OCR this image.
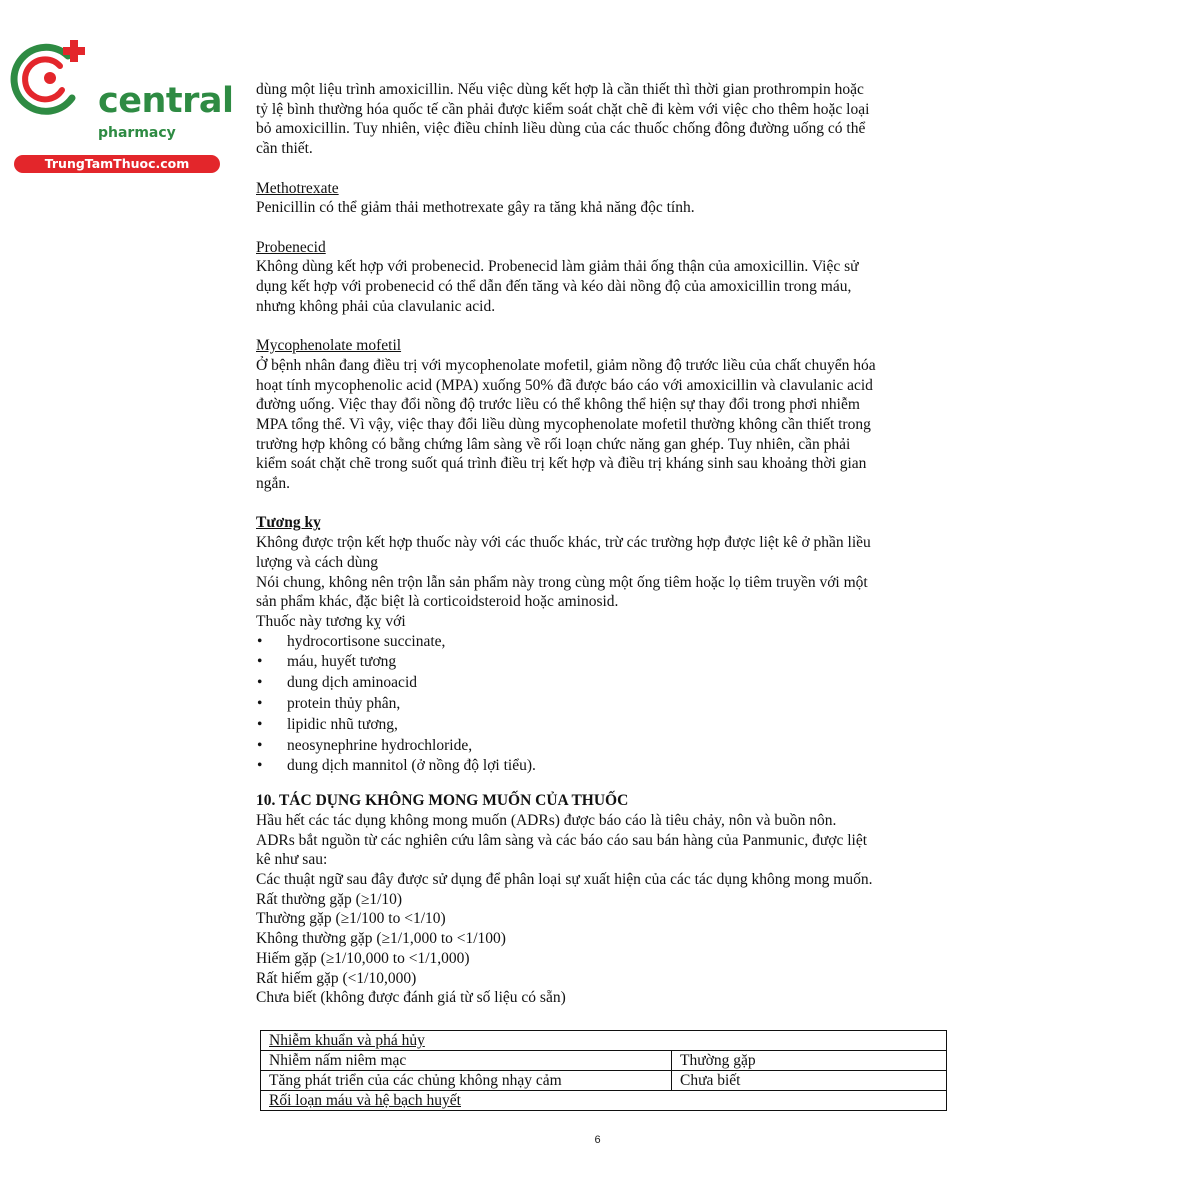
central
pharmacy
TrungTamThuoc.com

dùng một liệu trình amoxicillin. Nếu việc dùng kết hợp là cần thiết thì thời gian prothrompin hoặc

tỷ lệ bình thường hóa quốc tế cần phải được kiểm soát chặt chẽ đi kèm với việc cho thêm hoặc loại

bỏ amoxicillin. Tuy nhiên, việc điều chỉnh liều dùng của các thuốc chống đông đường uống có thể

cần thiết.

Methotrexate

Penicillin có thể giảm thải methotrexate gây ra tăng khả năng độc tính.

Probenecid

Không dùng kết hợp với probenecid. Probenecid làm giảm thải ống thận của amoxicillin. Việc sử

dụng kết hợp với probenecid có thể dẫn đến tăng và kéo dài nồng độ của amoxicillin trong máu,

nhưng không phải của clavulanic acid.

Mycophenolate mofetil

Ở bệnh nhân đang điều trị với mycophenolate mofetil, giảm nồng độ trước liều của chất chuyển hóa

hoạt tính mycophenolic acid (MPA) xuống 50% đã được báo cáo với amoxicillin và clavulanic acid

đường uống. Việc thay đổi nồng độ trước liều có thể không thể hiện sự thay đổi trong phơi nhiễm

MPA tổng thể. Vì vậy, việc thay đổi liều dùng mycophenolate mofetil thường không cần thiết trong

trường hợp không có bằng chứng lâm sàng về rối loạn chức năng gan ghép. Tuy nhiên, cần phải

kiểm soát chặt chẽ trong suốt quá trình điều trị kết hợp và điều trị kháng sinh sau khoảng thời gian

ngắn.

Tương kỵ

Không được trộn kết hợp thuốc này với các thuốc khác, trừ các trường hợp được liệt kê ở phần liều

lượng và cách dùng

Nói chung, không nên trộn lẫn sản phẩm này trong cùng một ống tiêm hoặc lọ tiêm truyền với một

sản phẩm khác, đặc biệt là corticoidsteroid hoặc aminosid.

Thuốc này tương kỵ với

• hydrocortisone succinate,
• máu, huyết tương
• dung dịch aminoacid
• protein thủy phân,
• lipidic nhũ tương,
• neosynephrine hydrochloride,
• dung dịch mannitol (ở nồng độ lợi tiểu).

10. TÁC DỤNG KHÔNG MONG MUỐN CỦA THUỐC

Hầu hết các tác dụng không mong muốn (ADRs) được báo cáo là tiêu chảy, nôn và buồn nôn.

ADRs bắt nguồn từ các nghiên cứu lâm sàng và các báo cáo sau bán hàng của Panmunic, được liệt

kê như sau:

Các thuật ngữ sau đây được sử dụng để phân loại sự xuất hiện của các tác dụng không mong muốn.

Rất thường gặp (≥1/10)

Thường gặp (≥1/100 to <1/10)

Không thường gặp (≥1/1,000 to <1/100)

Hiếm gặp (≥1/10,000 to <1/1,000)

Rất hiếm gặp (<1/10,000)

Chưa biết (không được đánh giá từ số liệu có sẵn)

Nhiễm khuẩn và phá hủy	
Nhiễm nấm niêm mạc	Thường gặp
Tăng phát triển của các chủng không nhạy cảm	Chưa biết
Rối loạn máu và hệ bạch huyết	
6
